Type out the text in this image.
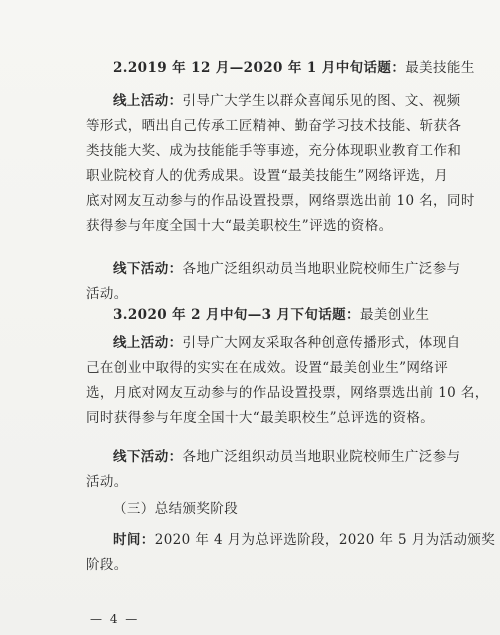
2.2019 年 12 月—2020 年 1 月中旬话题：最美技能生
线上活动：引导广大学生以群众喜闻乐见的图、文、视频
等形式，晒出自己传承工匠精神、勤奋学习技术技能、斩获各
类技能大奖、成为技能能手等事迹，充分体现职业教育工作和
职业院校育人的优秀成果。设置“最美技能生”网络评选，月
底对网友互动参与的作品设置投票，网络票选出前 10 名，同时
获得参与年度全国十大“最美职校生”评选的资格。
线下活动：各地广泛组织动员当地职业院校师生广泛参与
活动。
3.2020 年 2 月中旬—3 月下旬话题：最美创业生
线上活动：引导广大网友采取各种创意传播形式，体现自
己在创业中取得的实实在在成效。设置“最美创业生”网络评
选，月底对网友互动参与的作品设置投票，网络票选出前 10 名，
同时获得参与年度全国十大“最美职校生”总评选的资格。
线下活动：各地广泛组织动员当地职业院校师生广泛参与
活动。
（三）总结颁奖阶段
时间：2020 年 4 月为总评选阶段，2020 年 5 月为活动颁奖
阶段。
— 4 —
